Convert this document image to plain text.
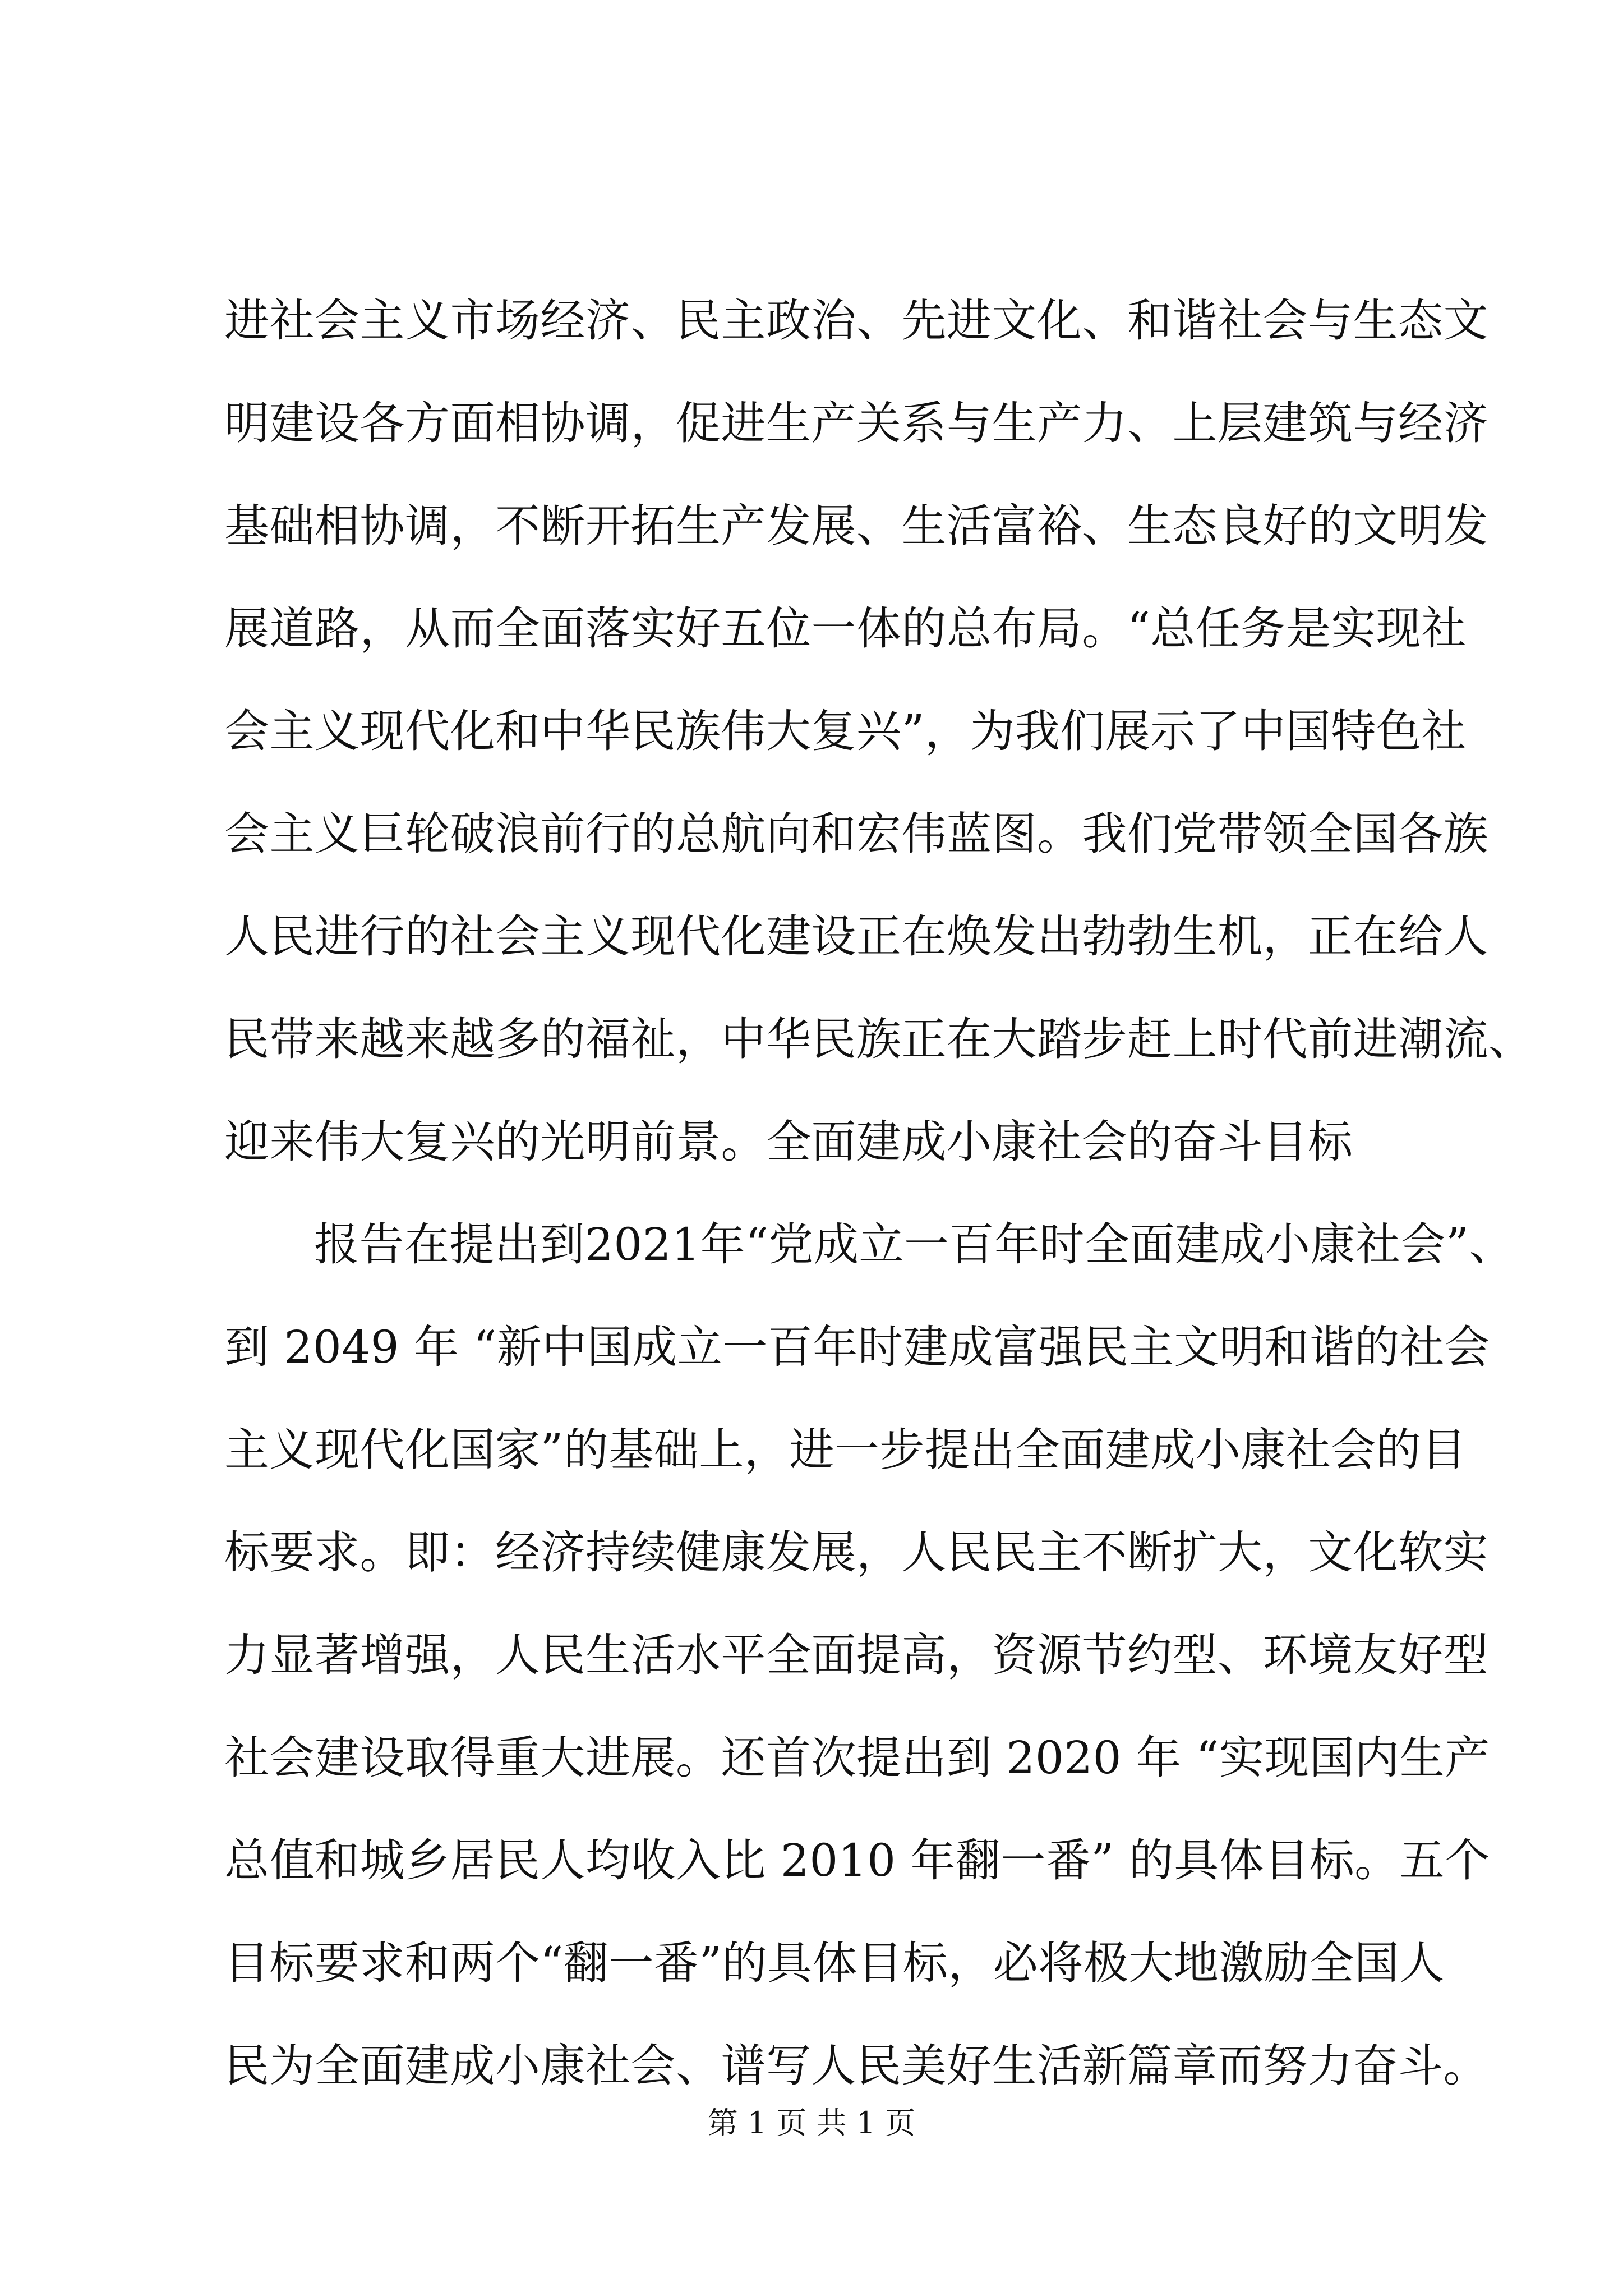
进社会主义市场经济、民主政治、先进文化、和谐社会与生态文
明建设各方面相协调，促进生产关系与生产力、上层建筑与经济
基础相协调，不断开拓生产发展、生活富裕、生态良好的文明发
展道路，从而全面落实好五位一体的总布局。“总任务是实现社
会主义现代化和中华民族伟大复兴”，为我们展示了中国特色社
会主义巨轮破浪前行的总航向和宏伟蓝图。我们党带领全国各族
人民进行的社会主义现代化建设正在焕发出勃勃生机，正在给人
民带来越来越多的福祉，中华民族正在大踏步赶上时代前进潮流、
迎来伟大复兴的光明前景。全面建成小康社会的奋斗目标
报告在提出到2021年“党成立一百年时全面建成小康社会”、
到 2049 年 “新中国成立一百年时建成富强民主文明和谐的社会
主义现代化国家”的基础上，进一步提出全面建成小康社会的目
标要求。即：经济持续健康发展，人民民主不断扩大，文化软实
力显著增强，人民生活水平全面提高，资源节约型、环境友好型
社会建设取得重大进展。还首次提出到 2020 年 “实现国内生产
总值和城乡居民人均收入比 2010 年翻一番” 的具体目标。五个
目标要求和两个“翻一番”的具体目标，必将极大地激励全国人
民为全面建成小康社会、谱写人民美好生活新篇章而努力奋斗。
第 1 页 共 1 页
